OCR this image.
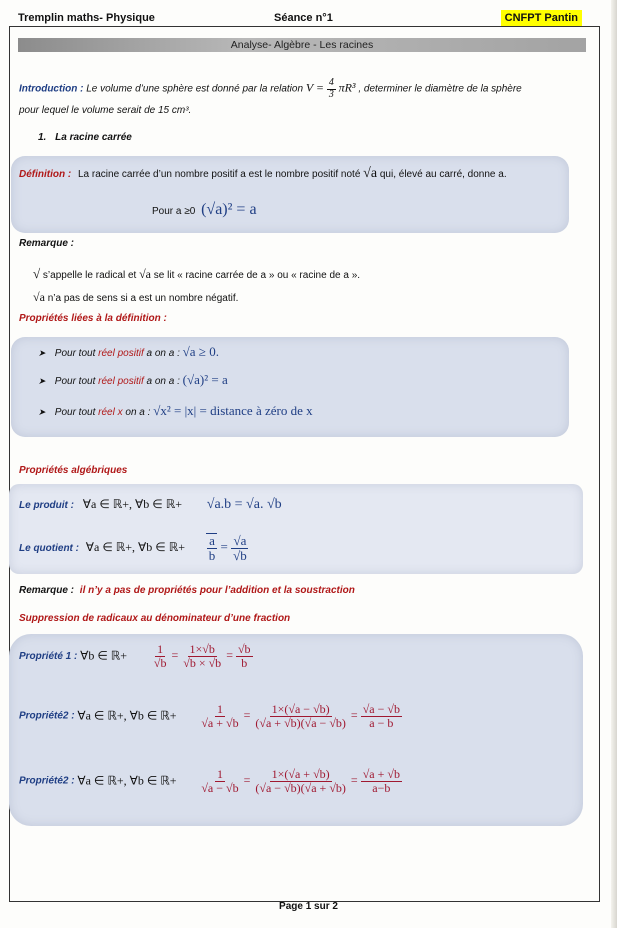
Tremplin maths- Physique	Séance n°1	CNFPT Pantin
Analyse- Algèbre - Les racines
Introduction : Le volume d’une sphère est donné par la relation $V = \frac{4}{3} \pi R^3$ , determiner le diamètre de la sphère
pour lequel le volume serait de 15 cm³.
1. La racine carrée
Définition : La racine carrée d’un nombre positif a est le nombre positif noté √a qui, élevé au carré, donne a.
Pour a ≥0 (√a)² = a
Remarque :
√ s’appelle le radical et √a se lit « racine carrée de a » ou « racine de a ».
√a n’a pas de sens si a est un nombre négatif.
Propriétés liées à la définition :
➤ Pour tout réel positif a on a : √a ≥ 0.
➤ Pour tout réel positif a on a : (√a)² = a
➤ Pour tout réel x on a : √x² = |x| = distance à zéro de x
Propriétés algébriques
Le produit : ∀a ∈ ℝ+, ∀b ∈ ℝ+ √a.b = √a. √b
Le quotient : ∀a ∈ ℝ+, ∀b ∈ ℝ+ $\frac{a}{b} = \frac{√a}{√b}$
Remarque : il n’y a pas de propriétés pour l’addition et la soustraction
Suppression de radicaux au dénominateur d’une fraction
Propriété 1 : ∀b ∈ ℝ+ $\frac{1}{√b} = \frac{1\times√b}{√b \times √b} = \frac{√b}{b}$
Propriété2 : ∀a ∈ ℝ+, ∀b ∈ ℝ+ $\frac{1}{√a + √b} = \frac{1\times(√a - √b)}{(√a + √b)(√a - √b)} = \frac{√a - √b}{a - b}$
Propriété2 : ∀a ∈ ℝ+, ∀b ∈ ℝ+ $\frac{1}{√a - √b} = \frac{1\times(√a + √b)}{(√a - √b)(√a + √b)} = \frac{√a + √b}{a-b}$
Page 1 sur 2
